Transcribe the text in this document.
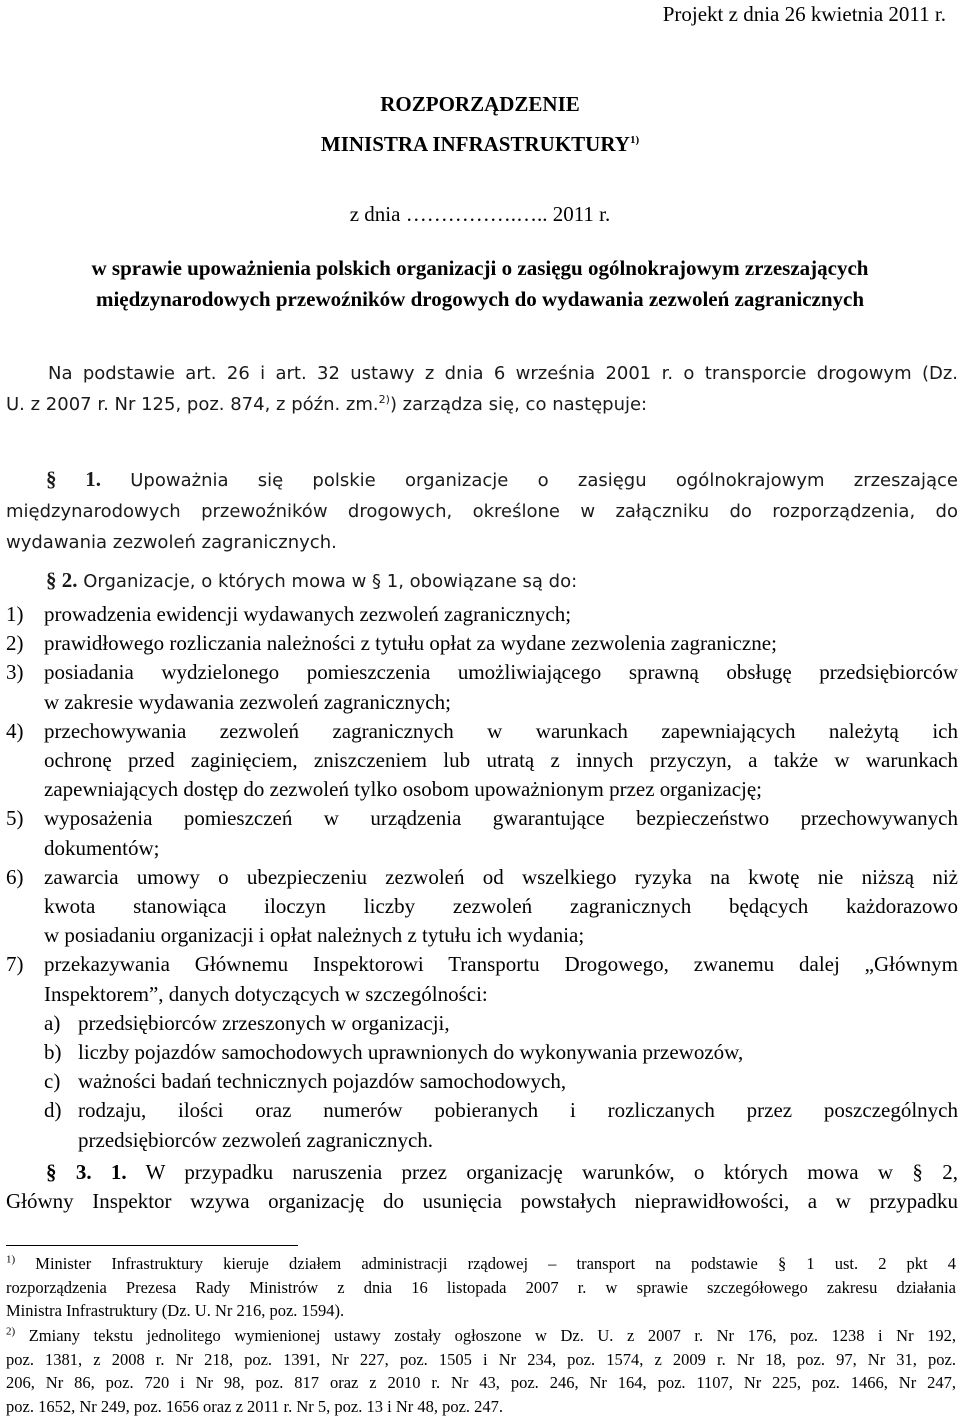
Projekt z dnia 26 kwietnia 2011 r.
ROZPORZĄDZENIE
MINISTRA INFRASTRUKTURY$^{1)}$
z dnia …………….….. 2011 r.
w sprawie upoważnienia polskich organizacji o zasięgu ogólnokrajowym zrzeszających
międzynarodowych przewoźników drogowych do wydawania zezwoleń zagranicznych
Na podstawie art. 26 i art. 32 ustawy z dnia 6 września 2001 r. o transporcie drogowym (Dz.
U. z 2007 r. Nr 125, poz. 874, z późn. zm.$^{2)}$) zarządza się, co następuje:
§ 1. Upoważnia się polskie organizacje o zasięgu ogólnokrajowym zrzeszające
międzynarodowych przewoźników drogowych, określone w załączniku do rozporządzenia, do
wydawania zezwoleń zagranicznych.
§ 2. Organizacje, o których mowa w § 1, obowiązane są do:
1) prowadzenia ewidencji wydawanych zezwoleń zagranicznych;
2) prawidłowego rozliczania należności z tytułu opłat za wydane zezwolenia zagraniczne;
3) posiadania wydzielonego pomieszczenia umożliwiającego sprawną obsługę przedsiębiorców
w zakresie wydawania zezwoleń zagranicznych;
4) przechowywania zezwoleń zagranicznych w warunkach zapewniających należytą ich
ochronę przed zaginięciem, zniszczeniem lub utratą z innych przyczyn, a także w warunkach
zapewniających dostęp do zezwoleń tylko osobom upoważnionym przez organizację;
5) wyposażenia pomieszczeń w urządzenia gwarantujące bezpieczeństwo przechowywanych
dokumentów;
6) zawarcia umowy o ubezpieczeniu zezwoleń od wszelkiego ryzyka na kwotę nie niższą niż
kwota stanowiąca iloczyn liczby zezwoleń zagranicznych będących każdorazowo
w posiadaniu organizacji i opłat należnych z tytułu ich wydania;
7) przekazywania Głównemu Inspektorowi Transportu Drogowego, zwanemu dalej „Głównym
Inspektorem”, danych dotyczących w szczególności:
a) przedsiębiorców zrzeszonych w organizacji,
b) liczby pojazdów samochodowych uprawnionych do wykonywania przewozów,
c) ważności badań technicznych pojazdów samochodowych,
d) rodzaju, ilości oraz numerów pobieranych i rozliczanych przez poszczególnych
przedsiębiorców zezwoleń zagranicznych.
§ 3. 1. W przypadku naruszenia przez organizację warunków, o których mowa w § 2,
Główny Inspektor wzywa organizację do usunięcia powstałych nieprawidłowości, a w przypadku
$^{1)}$ Minister Infrastruktury kieruje działem administracji rządowej – transport na podstawie § 1 ust. 2 pkt 4
rozporządzenia Prezesa Rady Ministrów z dnia 16 listopada 2007 r. w sprawie szczegółowego zakresu działania
Ministra Infrastruktury (Dz. U. Nr 216, poz. 1594).
$^{2)}$ Zmiany tekstu jednolitego wymienionej ustawy zostały ogłoszone w Dz. U. z 2007 r. Nr 176, poz. 1238 i Nr 192,
poz. 1381, z 2008 r. Nr 218, poz. 1391, Nr 227, poz. 1505 i Nr 234, poz. 1574, z 2009 r. Nr 18, poz. 97, Nr 31, poz.
206, Nr 86, poz. 720 i Nr 98, poz. 817 oraz z 2010 r. Nr 43, poz. 246, Nr 164, poz. 1107, Nr 225, poz. 1466, Nr 247,
poz. 1652, Nr 249, poz. 1656 oraz z 2011 r. Nr 5, poz. 13 i Nr 48, poz. 247.
